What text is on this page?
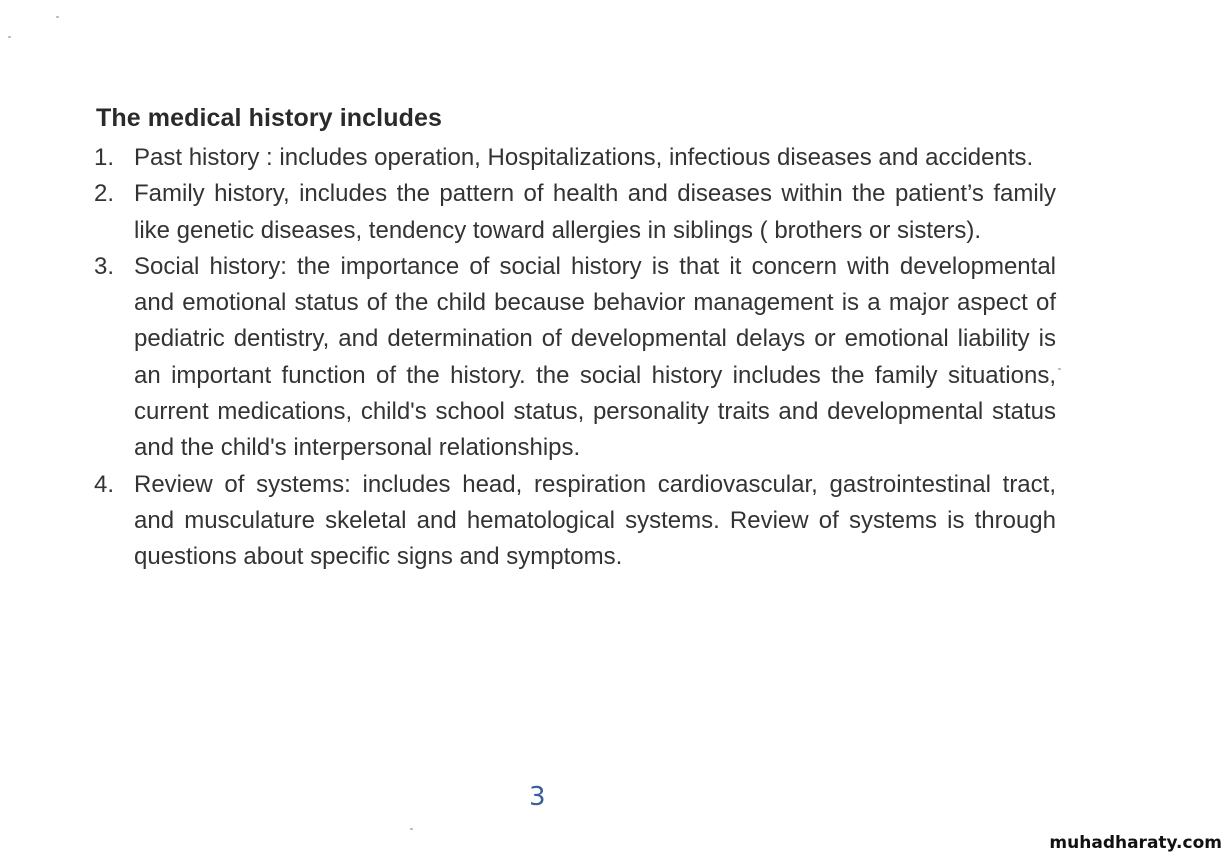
The medical history includes
1. Past history : includes operation, Hospitalizations, infectious diseases and accidents.
2. Family history, includes the pattern of health and diseases within the patient’s family like genetic diseases, tendency toward allergies in siblings ( brothers or sisters).
3. Social history: the importance of social history is that it concern with developmental and emotional status of the child because behavior management is a major aspect of pediatric dentistry, and determination of developmental delays or emotional liability is an important function of the history. the social history includes the family situations, current medications, child's school status, personality traits and developmental status and the child's interpersonal relationships.
4. Review of systems: includes head, respiration cardiovascular, gastrointestinal tract, and musculature skeletal and hematological systems. Review of systems is through questions about specific signs and symptoms.
3
muhadharaty.com
